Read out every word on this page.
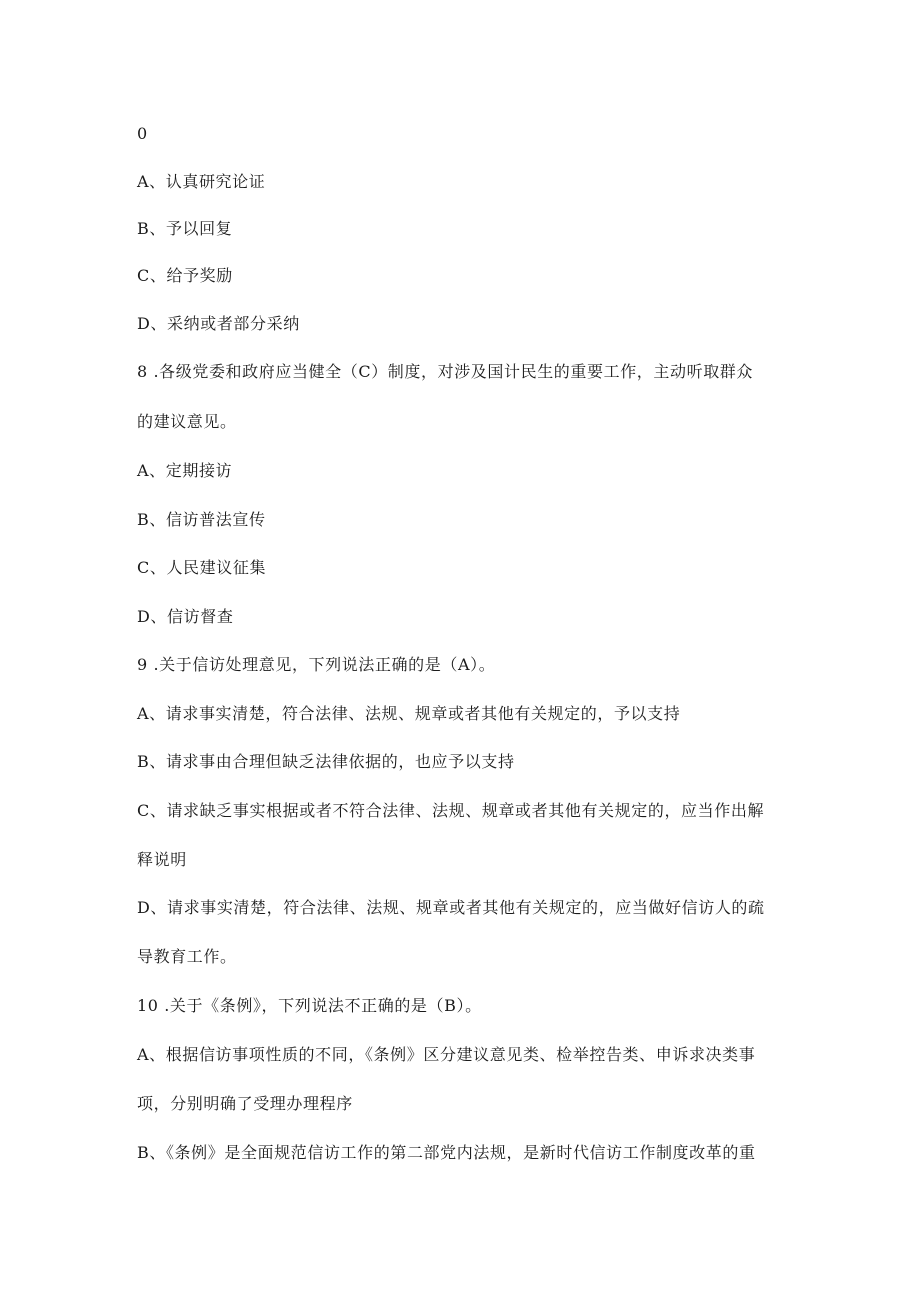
0
A、认真研究论证
B、予以回复
C、给予奖励
D、采纳或者部分采纳
8 .各级党委和政府应当健全（C）制度，对涉及国计民生的重要工作，主动听取群众
的建议意见。
A、定期接访
B、信访普法宣传
C、人民建议征集
D、信访督查
9 .关于信访处理意见，下列说法正确的是（A）。
A、请求事实清楚，符合法律、法规、规章或者其他有关规定的，予以支持
B、请求事由合理但缺乏法律依据的，也应予以支持
C、请求缺乏事实根据或者不符合法律、法规、规章或者其他有关规定的，应当作出解
释说明
D、请求事实清楚，符合法律、法规、规章或者其他有关规定的，应当做好信访人的疏
导教育工作。
10 .关于《条例》，下列说法不正确的是（B）。
A、根据信访事项性质的不同，《条例》区分建议意见类、检举控告类、申诉求决类事
项，分别明确了受理办理程序
B、《条例》是全面规范信访工作的第二部党内法规，是新时代信访工作制度改革的重
